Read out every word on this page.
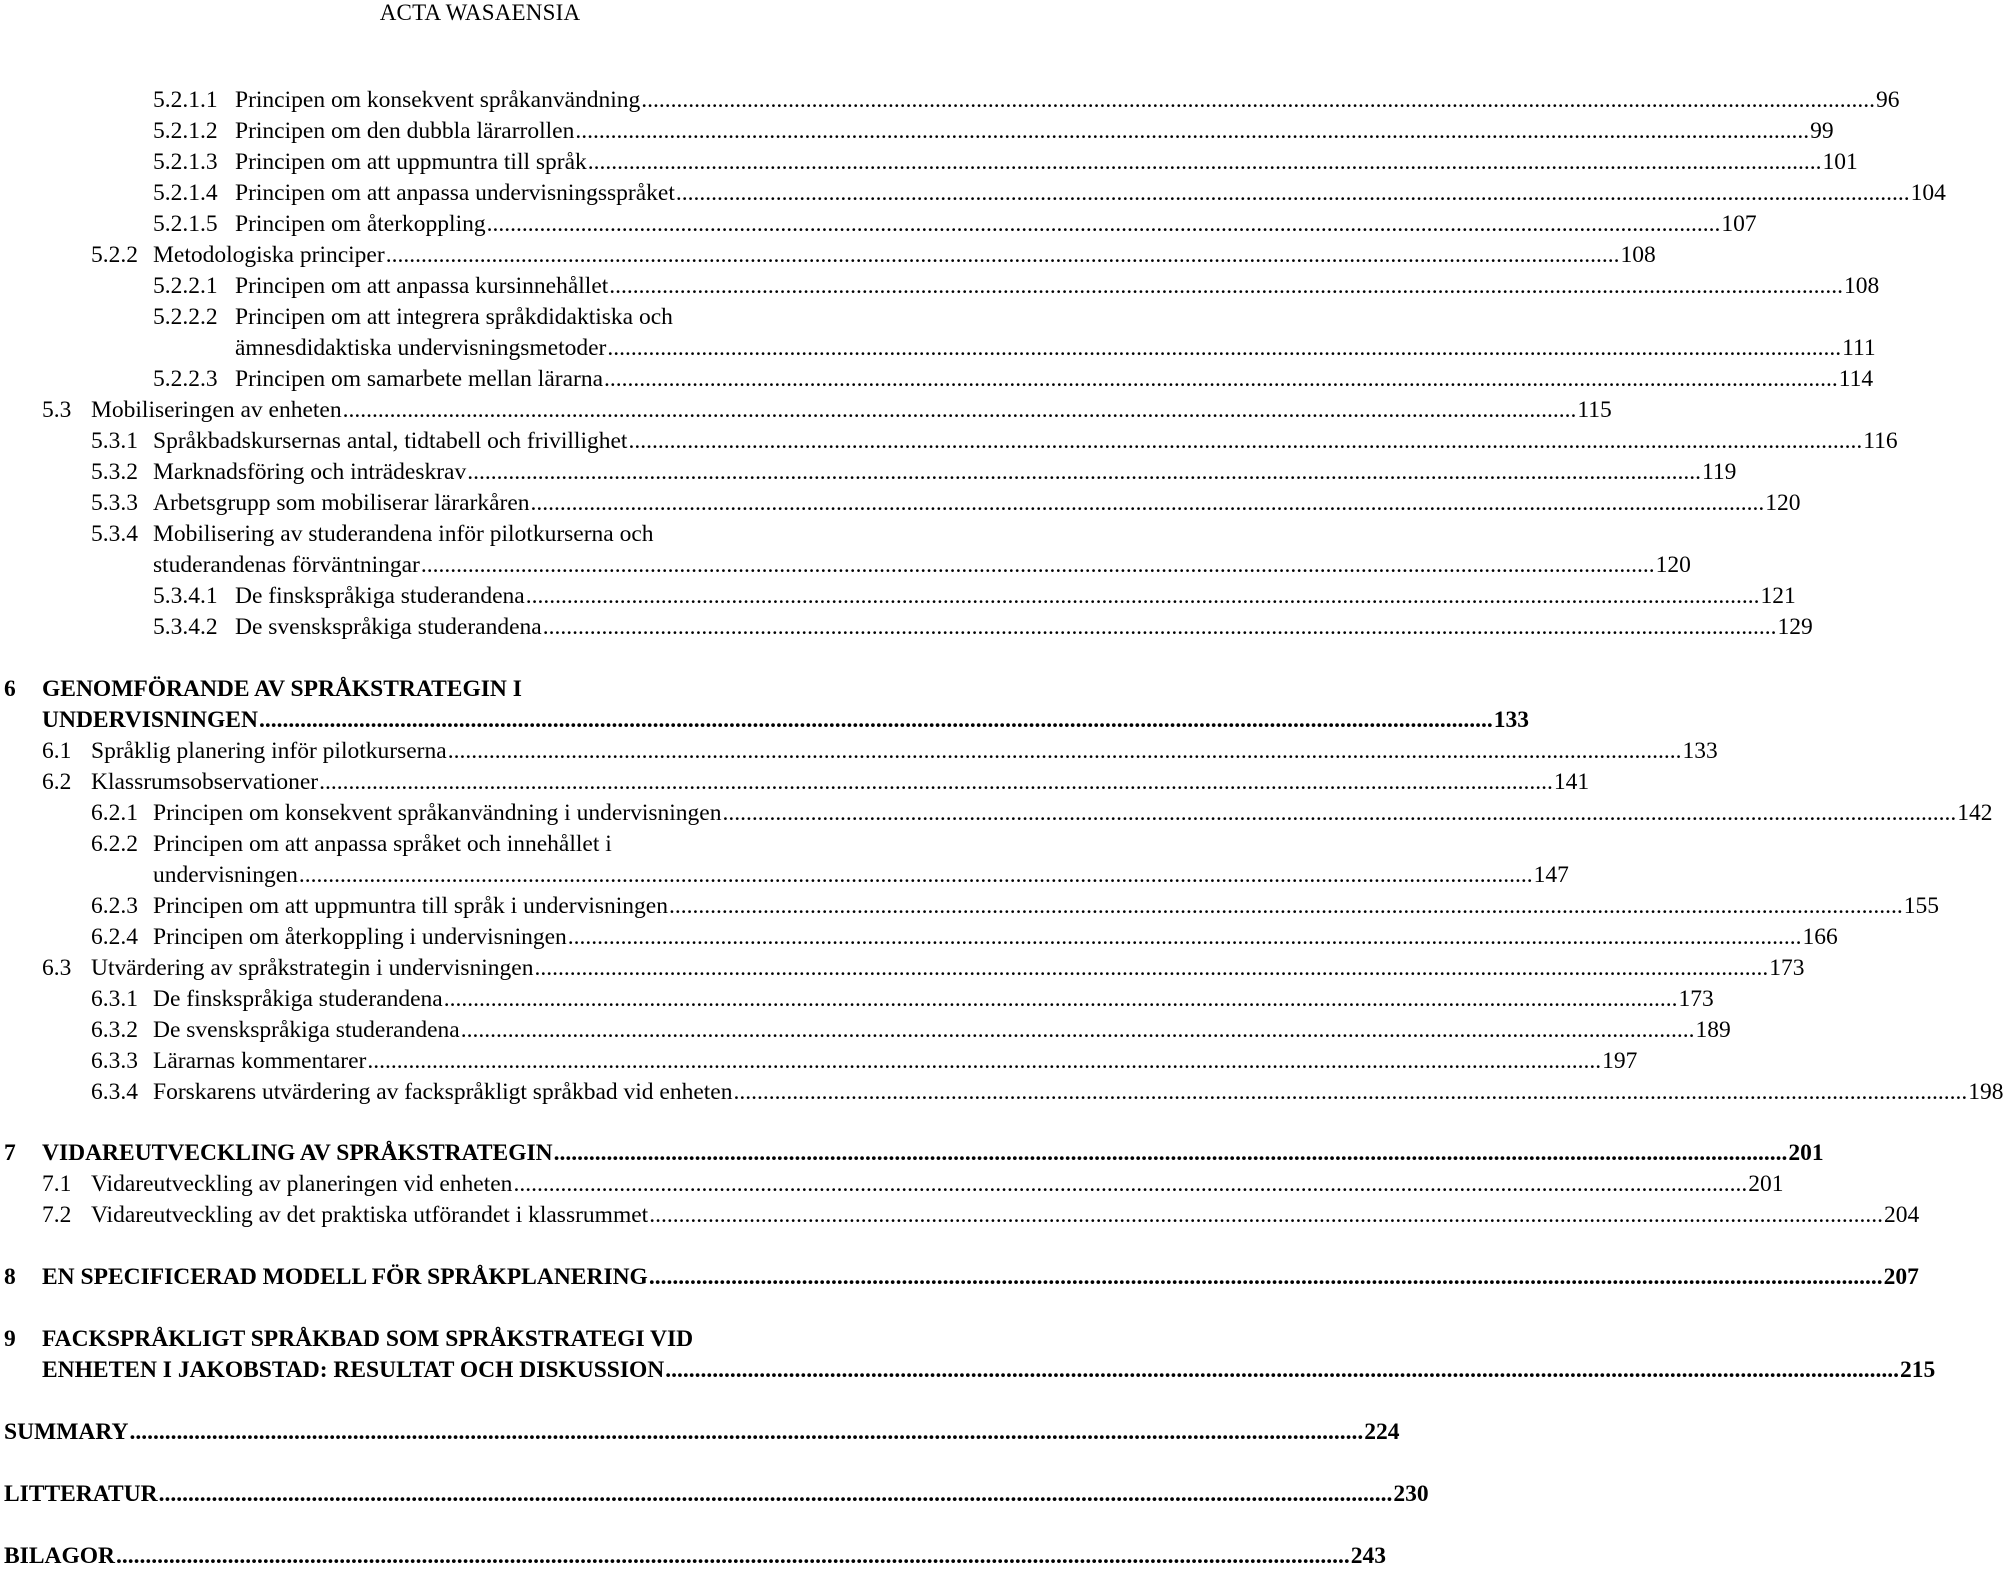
ACTA WASAENSIA
5.2.1.1 Principen om konsekvent språkanvändning .....	96
5.2.1.2 Principen om den dubbla lärarrollen .....	99
5.2.1.3 Principen om att uppmuntra till språk .....	101
5.2.1.4 Principen om att anpassa undervisningsspråket .....	104
5.2.1.5 Principen om återkoppling .....	107
5.2.2 Metodologiska principer .....	108
5.2.2.1 Principen om att anpassa kursinnehållet .....	108
5.2.2.2 Principen om att integrera språkdidaktiska och
ämnesdidaktiska undervisningsmetoder .....	111
5.2.2.3 Principen om samarbete mellan lärarna .....	114
5.3 Mobiliseringen av enheten .....	115
5.3.1 Språkbadskursernas antal, tidtabell och frivillighet .....	116
5.3.2 Marknadsföring och inträdeskrav .....	119
5.3.3 Arbetsgrupp som mobiliserar lärarkåren .....	120
5.3.4 Mobilisering av studerandena inför pilotkurserna och
studerandenas förväntningar .....	120
5.3.4.1 De finskspråkiga studerandena .....	121
5.3.4.2 De svenskspråkiga studerandena .....	129
6 GENOMFÖRANDE AV SPRÅKSTRATEGIN I
UNDERVISNINGEN .....	133
6.1 Språklig planering inför pilotkurserna .....	133
6.2 Klassrumsobservationer .....	141
6.2.1 Principen om konsekvent språkanvändning i undervisningen .....	142
6.2.2 Principen om att anpassa språket och innehållet i
undervisningen .....	147
6.2.3 Principen om att uppmuntra till språk i undervisningen .....	155
6.2.4 Principen om återkoppling i undervisningen .....	166
6.3 Utvärdering av språkstrategin i undervisningen .....	173
6.3.1 De finskspråkiga studerandena .....	173
6.3.2 De svenskspråkiga studerandena .....	189
6.3.3 Lärarnas kommentarer .....	197
6.3.4 Forskarens utvärdering av fackspråkligt språkbad vid enheten .....	198
7	VIDAREUTVECKLING AV SPRÅKSTRATEGIN .....	201
7.1 Vidareutveckling av planeringen vid enheten .....	201
7.2 Vidareutveckling av det praktiska utförandet i klassrummet .....	204
8	EN SPECIFICERAD MODELL FÖR SPRÅKPLANERING .....	207
9 FACKSPRÅKLIGT SPRÅKBAD SOM SPRÅKSTRATEGI VID
ENHETEN I JAKOBSTAD: RESULTAT OCH DISKUSSION .....	215
SUMMARY .....	224
LITTERATUR .....	230
BILAGOR .....	243
